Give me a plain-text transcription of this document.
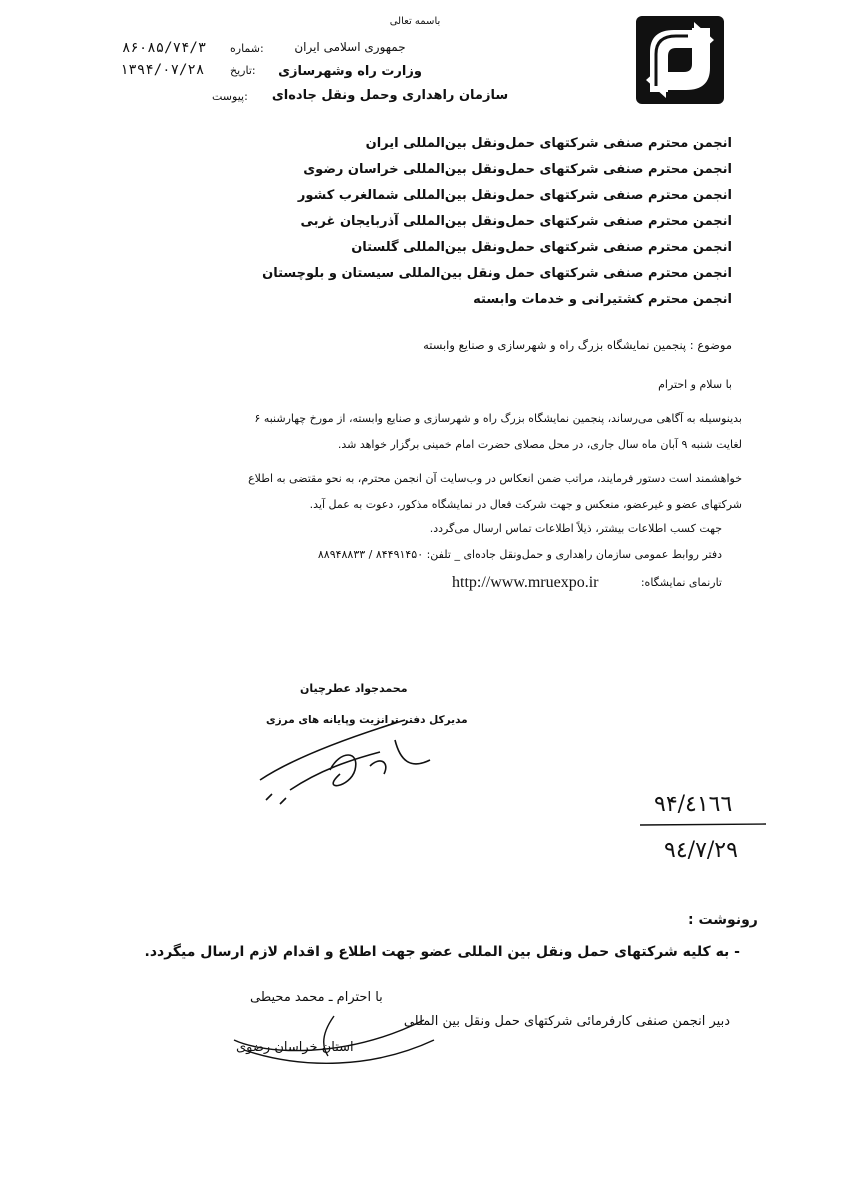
باسمه تعالی
جمهوری اسلامی ایران
وزارت راه وشهرسازی
سازمان راهداری وحمل ونقل جاده‌ای
شماره:
۸۶۰۸۵/۷۴/۳
تاریخ:
۱۳۹۴/۰۷/۲۸
پیوست:
انجمن محترم صنفی شرکتهای حمل‌ونقل بین‌المللی ایران
انجمن محترم صنفی شرکتهای حمل‌ونقل بین‌المللی خراسان رضوی
انجمن محترم صنفی شرکتهای حمل‌ونقل بین‌المللی شمالغرب کشور
انجمن محترم صنفی شرکتهای حمل‌ونقل بین‌المللی آذربایجان غربی
انجمن محترم صنفی شرکتهای حمل‌ونقل بین‌المللی گلستان
انجمن محترم صنفی شرکتهای حمل ونقل بین‌المللی سیستان و بلوچستان
انجمن محترم کشتیرانی و خدمات وابسته
موضوع : پنجمین نمایشگاه بزرگ راه و شهرسازی و صنایع وابسته
با سلام و احترام
بدینوسیله به آگاهی می‌رساند، پنجمین نمایشگاه بزرگ راه و شهرسازی و صنایع وابسته، از مورخ چهارشنبه ۶
لغایت شنبه ۹ آبان ماه سال جاری، در محل مصلای حضرت امام خمینی برگزار خواهد شد.
خواهشمند است دستور فرمایند، مراتب ضمن انعکاس در وب‌سایت آن انجمن محترم، به نحو مقتضی به اطلاع
شرکتهای عضو و غیرعضو، منعکس و جهت شرکت فعال در نمایشگاه مذکور، دعوت به عمل آید.
جهت کسب اطلاعات بیشتر، ذیلاً اطلاعات تماس ارسال می‌گردد.
دفتر روابط عمومی سازمان راهداری و حمل‌ونقل جاده‌ای _ تلفن: ۸۴۴۹۱۴۵۰ / ۸۸۹۴۸۸۳۳
تارنمای نمایشگاه:
http://www.mruexpo.ir
محمدجواد عطرچیان
مدیرکل دفتر ترانزیت وپایانه های مرزی
۹۴/٤١٦٦
۹٤/۷/۲۹
رونوشت :
- به کلیه شرکتهای حمل ونقل بین المللی عضو جهت اطلاع و اقدام لازم ارسال میگردد.
با احترام ـ محمد محیطی
دبیر انجمن صنفی کارفرمائی شرکتهای حمل ونقل بین المللی
استان خراسان رضوی
